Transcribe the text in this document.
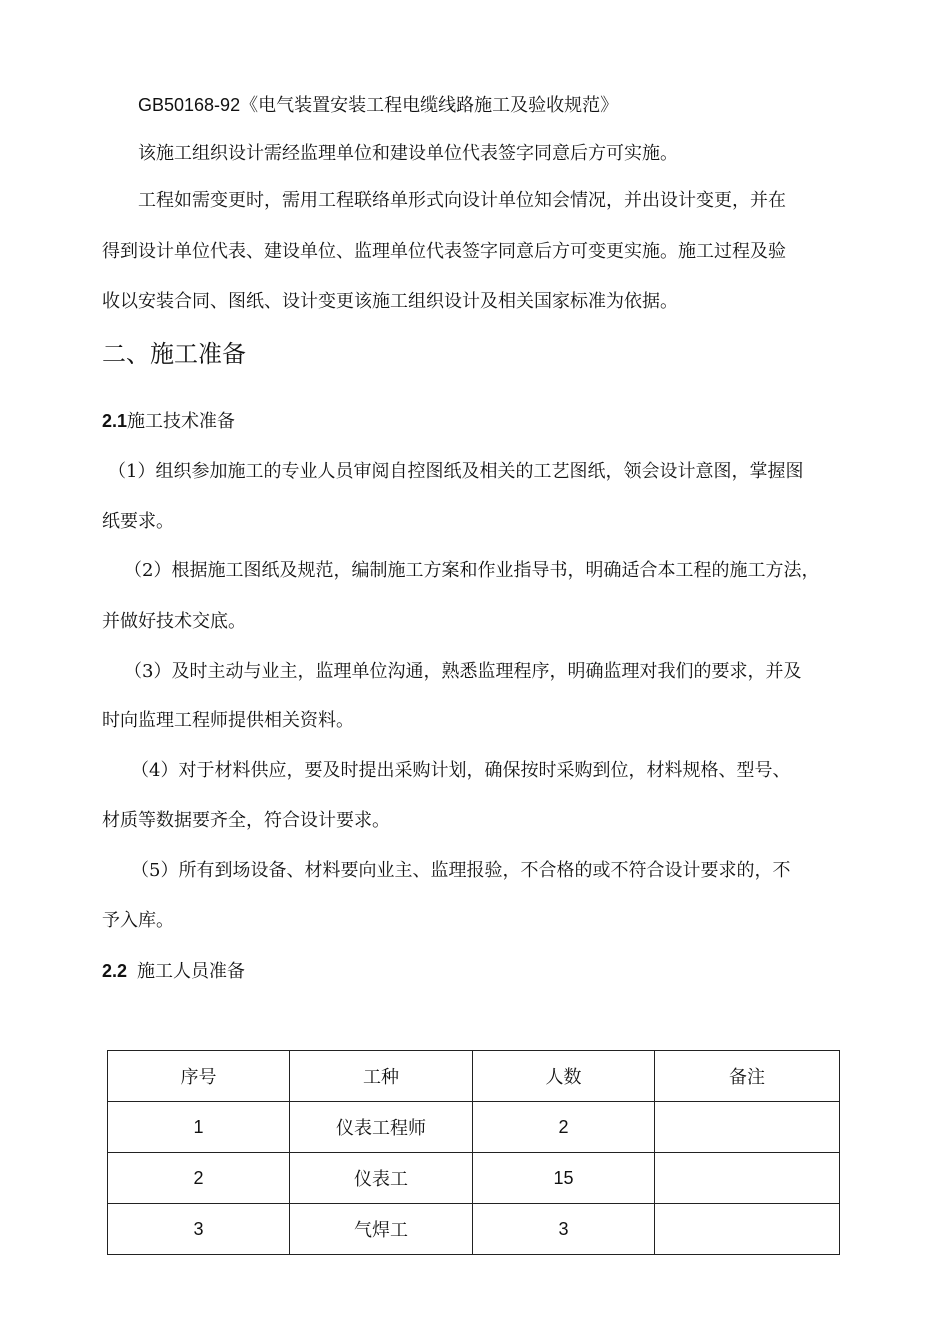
GB50168-92《电气装置安装工程电缆线路施工及验收规范》
该施工组织设计需经监理单位和建设单位代表签字同意后方可实施。
工程如需变更时，需用工程联络单形式向设计单位知会情况，并出设计变更，并在
得到设计单位代表、建设单位、监理单位代表签字同意后方可变更实施。施工过程及验
收以安装合同、图纸、设计变更该施工组织设计及相关国家标准为依据。
二、施工准备
2.1施工技术准备
（1）组织参加施工的专业人员审阅自控图纸及相关的工艺图纸，领会设计意图，掌握图
纸要求。
（2）根据施工图纸及规范，编制施工方案和作业指导书，明确适合本工程的施工方法，
并做好技术交底。
（3）及时主动与业主，监理单位沟通，熟悉监理程序，明确监理对我们的要求，并及
时向监理工程师提供相关资料。
（4）对于材料供应，要及时提出采购计划，确保按时采购到位，材料规格、型号、
材质等数据要齐全，符合设计要求。
（5）所有到场设备、材料要向业主、监理报验，不合格的或不符合设计要求的，不
予入库。
2.2 施工人员准备
序号	工种	人数	备注
1	仪表工程师	2	
2	仪表工	15	
3	气焊工	3	
